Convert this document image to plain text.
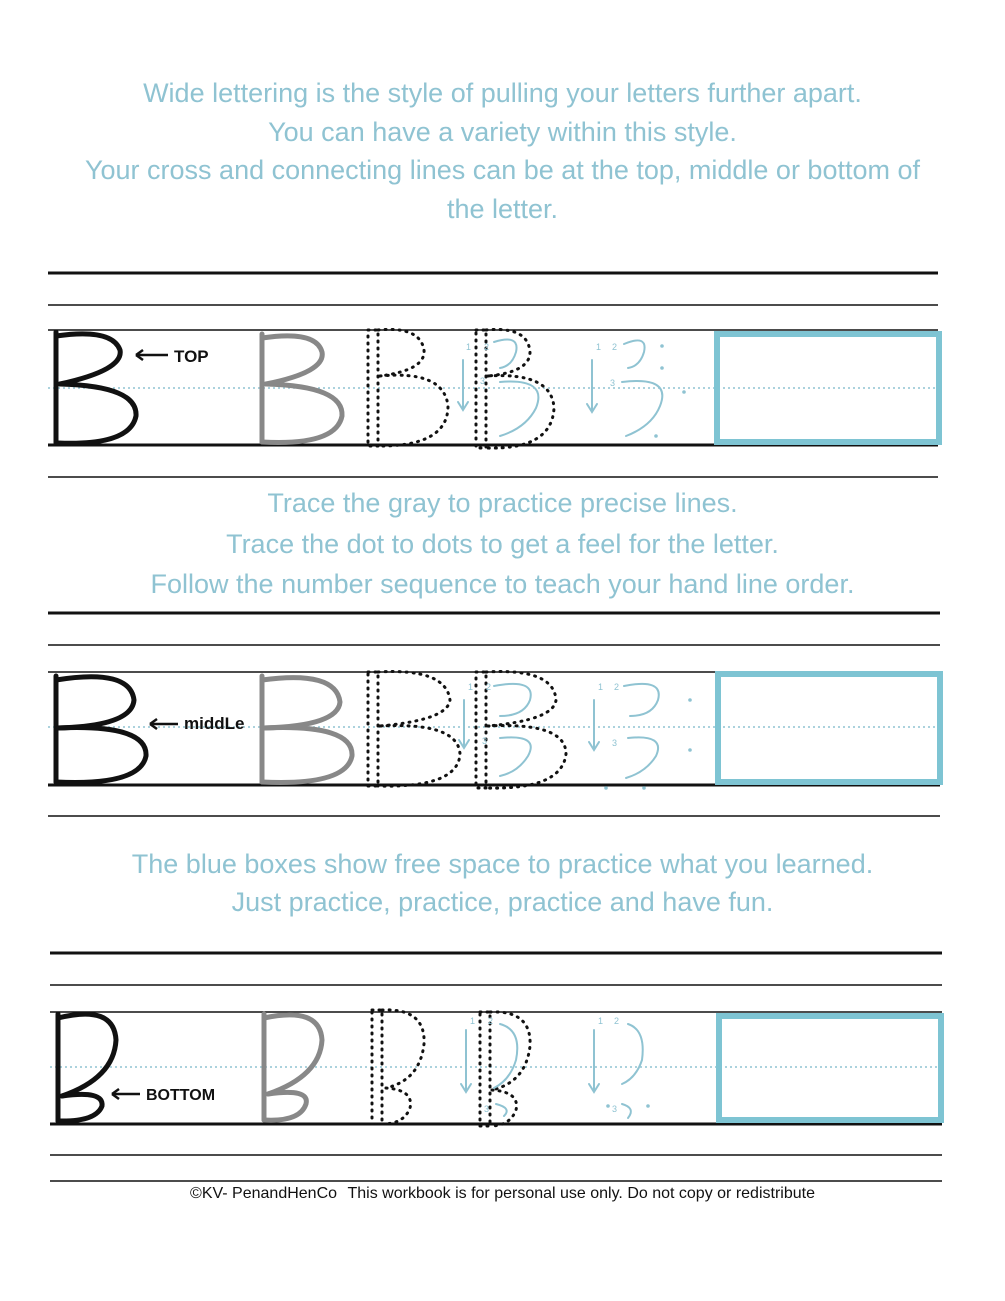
Wide lettering is the style of pulling your letters further apart.
You can have a variety within this style.
Your cross and connecting lines can be at the top, middle or bottom of
the letter.
TOP	1 2
3
1 2
3
Trace the gray to practice precise lines.
Trace the dot to dots to get a feel for the letter.
Follow the number sequence to teach your hand line order.
middLe
1 2
3
1 2
3
The blue boxes show free space to practice what you learned.
Just practice, practice, practice and have fun.
BOTTOM
1 2
3
1 2
3
©KV- PenandHenCo This workbook is for personal use only. Do not copy or redistribute
